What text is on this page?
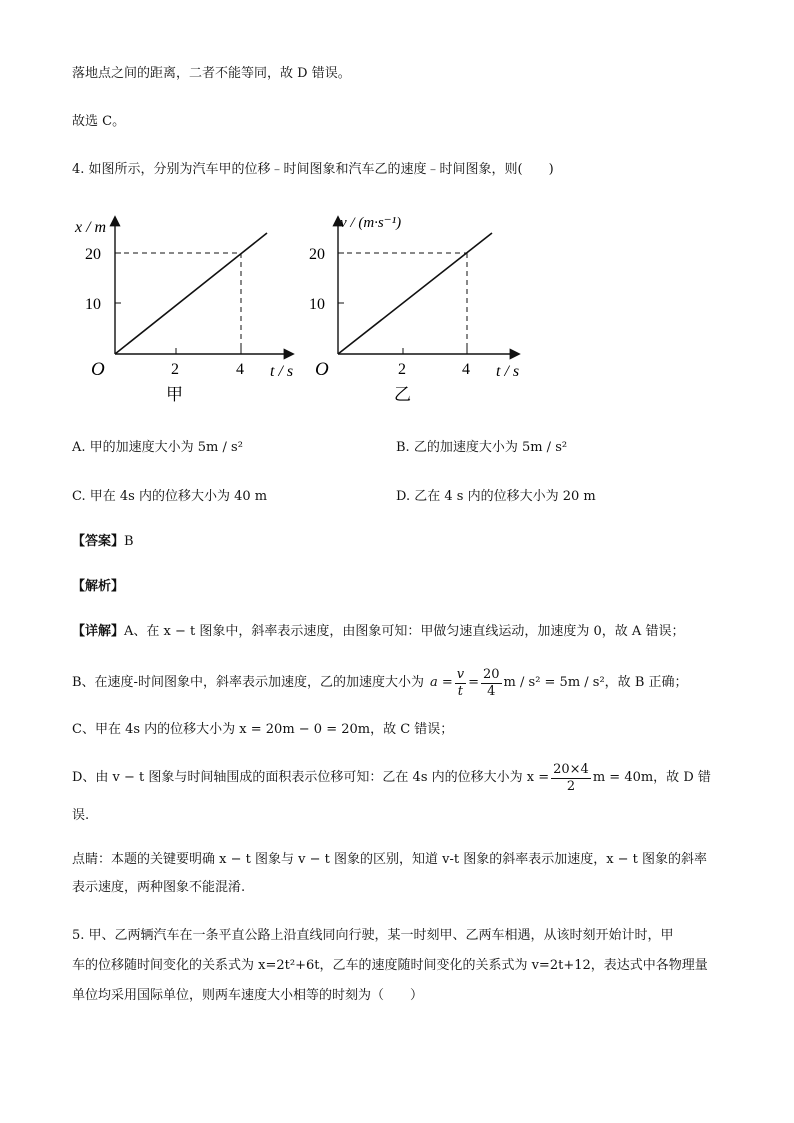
落地点之间的距离，二者不能等同，故 D 错误。
故选 C。
4. 如图所示，分别为汽车甲的位移﹣时间图象和汽车乙的速度﹣时间图象，则(　　)
x / m
20
10
O	2	4 t / s
甲
v / (m·s⁻¹)
20
10
O	2	4 t / s
乙
A. 甲的加速度大小为 5m / s²	B. 乙的加速度大小为 5m / s²
C. 甲在 4s 内的位移大小为 40 m	D. 乙在 4 s 内的位移大小为 20 m
【答案】B
【解析】
【详解】A、在 x − t 图象中，斜率表示速度，由图象可知：甲做匀速直线运动，加速度为 0，故 A 错误；
B、在速度-时间图象中，斜率表示加速度，乙的加速度大小为 $a = \frac{v}{t} = \frac{20}{4}$ m / s² = 5m / s²，故 B 正确；
C、甲在 4s 内的位移大小为 x = 20m − 0 = 20m，故 C 错误；
D、由 v − t 图象与时间轴围成的面积表示位移可知：乙在 4s 内的位移大小为 $x = \frac{20\times 4}{2}$ m = 40m，故 D 错
误.
点睛：本题的关键要明确 x − t 图象与 v − t 图象的区别，知道 v-t 图象的斜率表示加速度，x − t 图象的斜率
表示速度，两种图象不能混淆.
5. 甲、乙两辆汽车在一条平直公路上沿直线同向行驶，某一时刻甲、乙两车相遇，从该时刻开始计时，甲
车的位移随时间变化的关系式为 x=2t²+6t，乙车的速度随时间变化的关系式为 v=2t+12，表达式中各物理量
单位均采用国际单位，则两车速度大小相等的时刻为（　　）
